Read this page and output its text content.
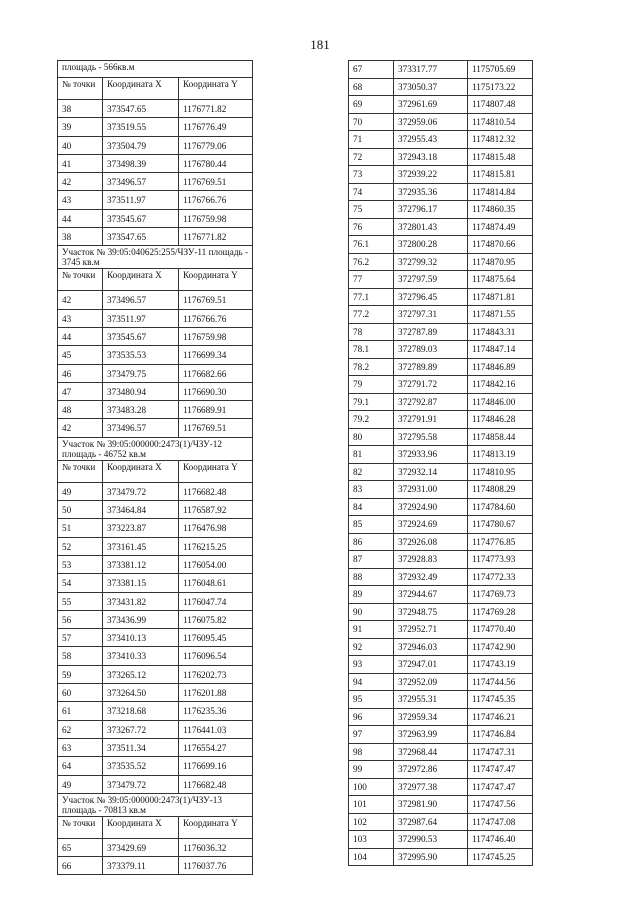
181
площадь - 566кв.м		
№ точки	Координата X	Координата Y
38	373547.65	1176771.82
39	373519.55	1176776.49
40	373504.79	1176779.06
41	373498.39	1176780.44
42	373496.57	1176769.51
43	373511.97	1176766.76
44	373545.67	1176759.98
38	373547.65	1176771.82
Участок № 39:05:040625:255/ЧЗУ-11 площадь - 3745 кв.м		
№ точки	Координата X	Координата Y
42	373496.57	1176769.51
43	373511.97	1176766.76
44	373545.67	1176759.98
45	373535.53	1176699.34
46	373479.75	1176682.66
47	373480.94	1176690.30
48	373483.28	1176689.91
42	373496.57	1176769.51
Участок № 39:05:000000:2473(1)/ЧЗУ-12 площадь - 46752 кв.м		
№ точки	Координата X	Координата Y
49	373479.72	1176682.48
50	373464.84	1176587.92
51	373223.87	1176476.98
52	373161.45	1176215.25
53	373381.12	1176054.00
54	373381.15	1176048.61
55	373431.82	1176047.74
56	373436.99	1176075.82
57	373410.13	1176095.45
58	373410.33	1176096.54
59	373265.12	1176202.73
60	373264.50	1176201.88
61	373218.68	1176235.36
62	373267.72	1176441.03
63	373511.34	1176554.27
64	373535.52	1176699.16
49	373479.72	1176682.48
Участок № 39:05:000000:2473(1)/ЧЗУ-13 площадь - 70813 кв.м		
№ точки	Координата X	Координата Y
65	373429.69	1176036.32
66	373379.11	1176037.76
67	373317.77	1175705.69
68	373050.37	1175173.22
69	372961.69	1174807.48
70	372959.06	1174810.54
71	372955.43	1174812.32
72	372943.18	1174815.48
73	372939.22	1174815.81
74	372935.36	1174814.84
75	372796.17	1174860.35
76	372801.43	1174874.49
76.1	372800.28	1174870.66
76.2	372799.32	1174870.95
77	372797.59	1174875.64
77.1	372796.45	1174871.81
77.2	372797.31	1174871.55
78	372787.89	1174843.31
78.1	372789.03	1174847.14
78.2	372789.89	1174846.89
79	372791.72	1174842.16
79.1	372792.87	1174846.00
79.2	372791.91	1174846.28
80	372795.58	1174858.44
81	372933.96	1174813.19
82	372932.14	1174810.95
83	372931.00	1174808.29
84	372924.90	1174784.60
85	372924.69	1174780.67
86	372926.08	1174776.85
87	372928.83	1174773.93
88	372932.49	1174772.33
89	372944.67	1174769.73
90	372948.75	1174769.28
91	372952.71	1174770.40
92	372946.03	1174742.90
93	372947.01	1174743.19
94	372952.09	1174744.56
95	372955.31	1174745.35
96	372959.34	1174746.21
97	372963.99	1174746.84
98	372968.44	1174747.31
99	372972.86	1174747.47
100	372977.38	1174747.47
101	372981.90	1174747.56
102	372987.64	1174747.08
103	372990.53	1174746.40
104	372995.90	1174745.25
